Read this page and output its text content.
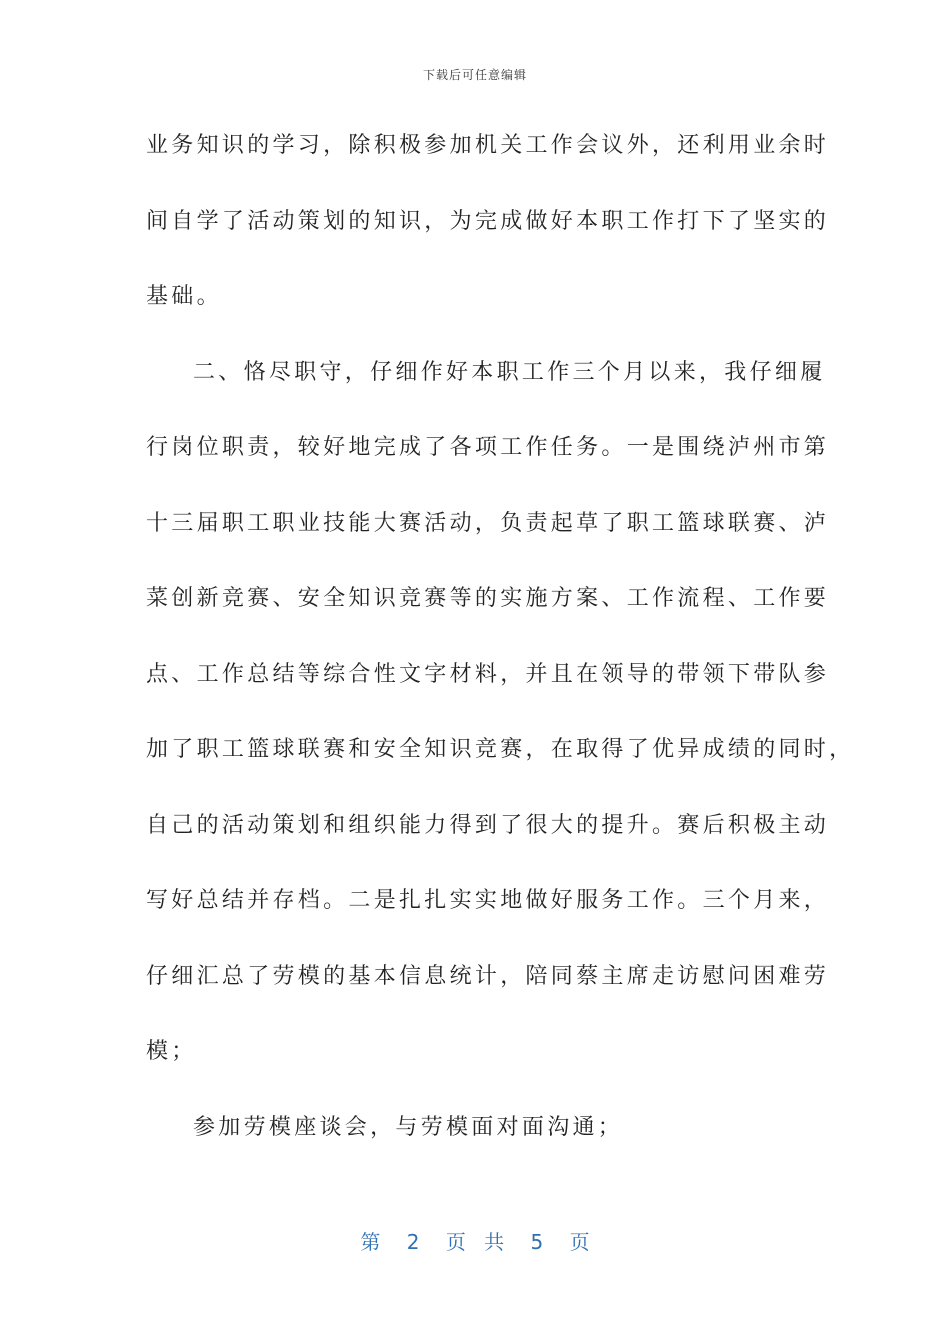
下载后可任意编辑
业务知识的学习，除积极参加机关工作会议外，还利用业余时
间自学了活动策划的知识，为完成做好本职工作打下了坚实的
基础。
二、恪尽职守，仔细作好本职工作三个月以来，我仔细履
行岗位职责，较好地完成了各项工作任务。一是围绕泸州市第
十三届职工职业技能大赛活动，负责起草了职工篮球联赛、泸
菜创新竞赛、安全知识竞赛等的实施方案、工作流程、工作要
点、工作总结等综合性文字材料，并且在领导的带领下带队参
加了职工篮球联赛和安全知识竞赛，在取得了优异成绩的同时，
自己的活动策划和组织能力得到了很大的提升。赛后积极主动
写好总结并存档。二是扎扎实实地做好服务工作。三个月来，
仔细汇总了劳模的基本信息统计，陪同蔡主席走访慰问困难劳
模；
参加劳模座谈会，与劳模面对面沟通；
第 2 页 共 5 页
